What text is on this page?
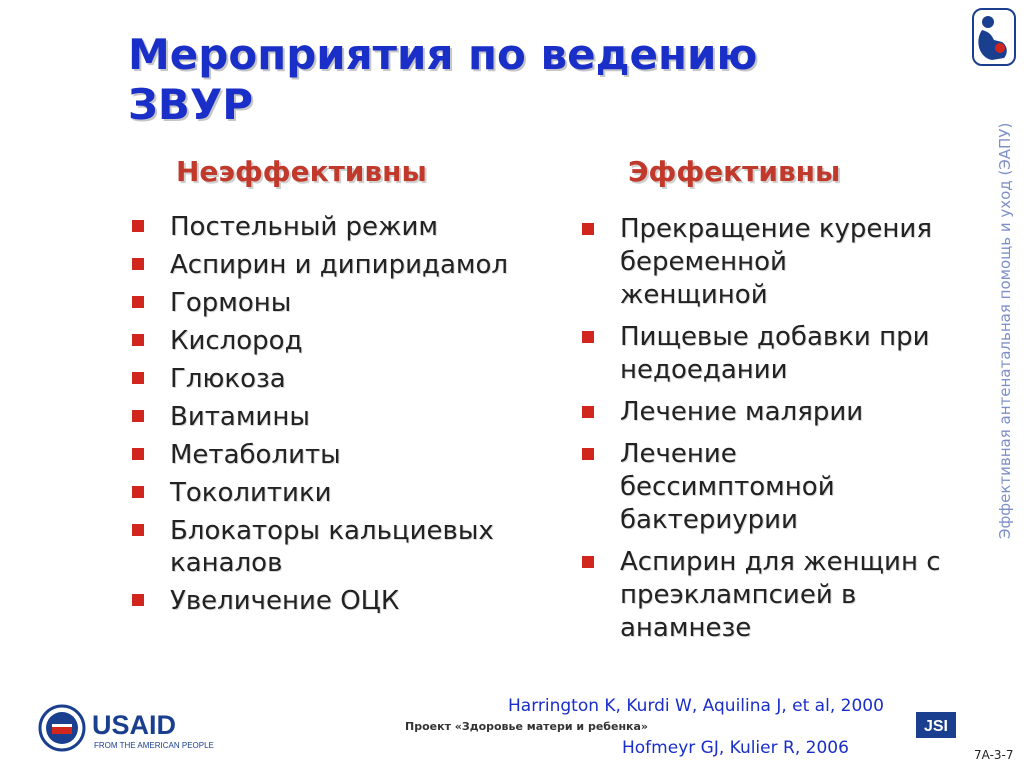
Мероприятия по ведению ЗВУР
Неэффективны	Эффективны
Постельный режим
Аспирин и дипиридамол
Гормоны
Кислород
Глюкоза
Витамины
Метаболиты
Токолитики
Блокаторы кальциевых каналов
Увеличение ОЦК
Прекращение курения беременной женщиной
Пищевые добавки при недоедании
Лечение малярии
Лечение бессимптомной бактериурии
Аспирин для женщин с преэклампсией в анамнезе
Эффективная антенатальная помощь и уход (ЭАПУ)
USAID
FROM THE AMERICAN PEOPLE
Проект «Здоровье матери и ребенка»
Harrington K, Kurdi W, Aquilina J, et al, 2000
Hofmeyr GJ, Kulier R, 2006
JSI
7A-3-7
